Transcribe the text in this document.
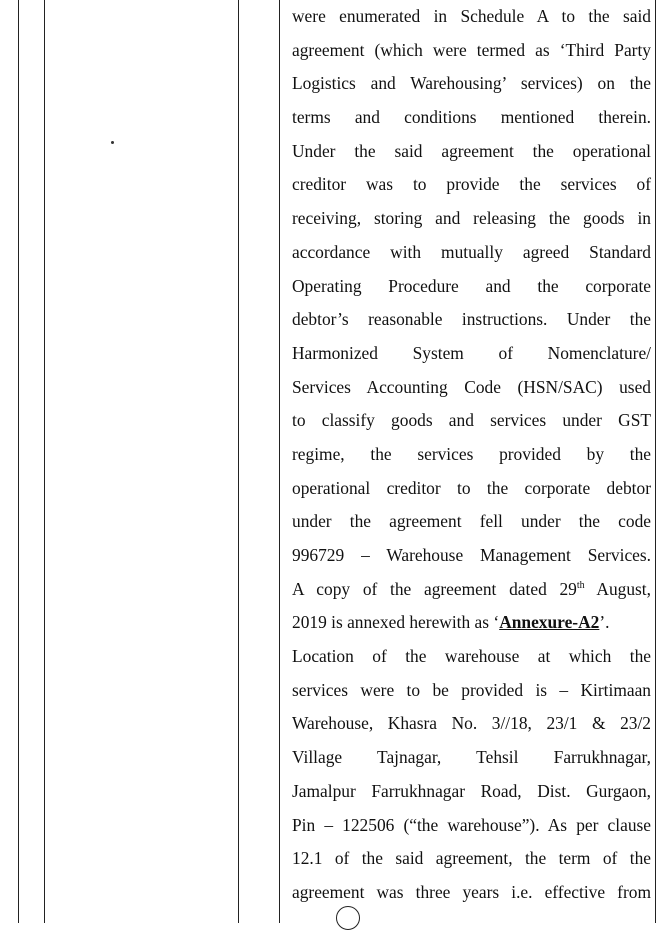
were enumerated in Schedule A to the said
agreement (which were termed as ‘Third Party
Logistics and Warehousing’ services) on the
terms and conditions mentioned therein.
Under the said agreement the operational
creditor was to provide the services of
receiving, storing and releasing the goods in
accordance with mutually agreed Standard
Operating Procedure and the corporate
debtor’s reasonable instructions. Under the
Harmonized System of Nomenclature/
Services Accounting Code (HSN/SAC) used
to classify goods and services under GST
regime, the services provided by the
operational creditor to the corporate debtor
under the agreement fell under the code
996729 – Warehouse Management Services.
A copy of the agreement dated 29th August,
2019 is annexed herewith as ‘Annexure-A2’.
Location of the warehouse at which the
services were to be provided is – Kirtimaan
Warehouse, Khasra No. 3//18, 23/1 & 23/2
Village Tajnagar, Tehsil Farrukhnagar,
Jamalpur Farrukhnagar Road, Dist. Gurgaon,
Pin – 122506 (“the warehouse”). As per clause
12.1 of the said agreement, the term of the
agreement was three years i.e. effective from
